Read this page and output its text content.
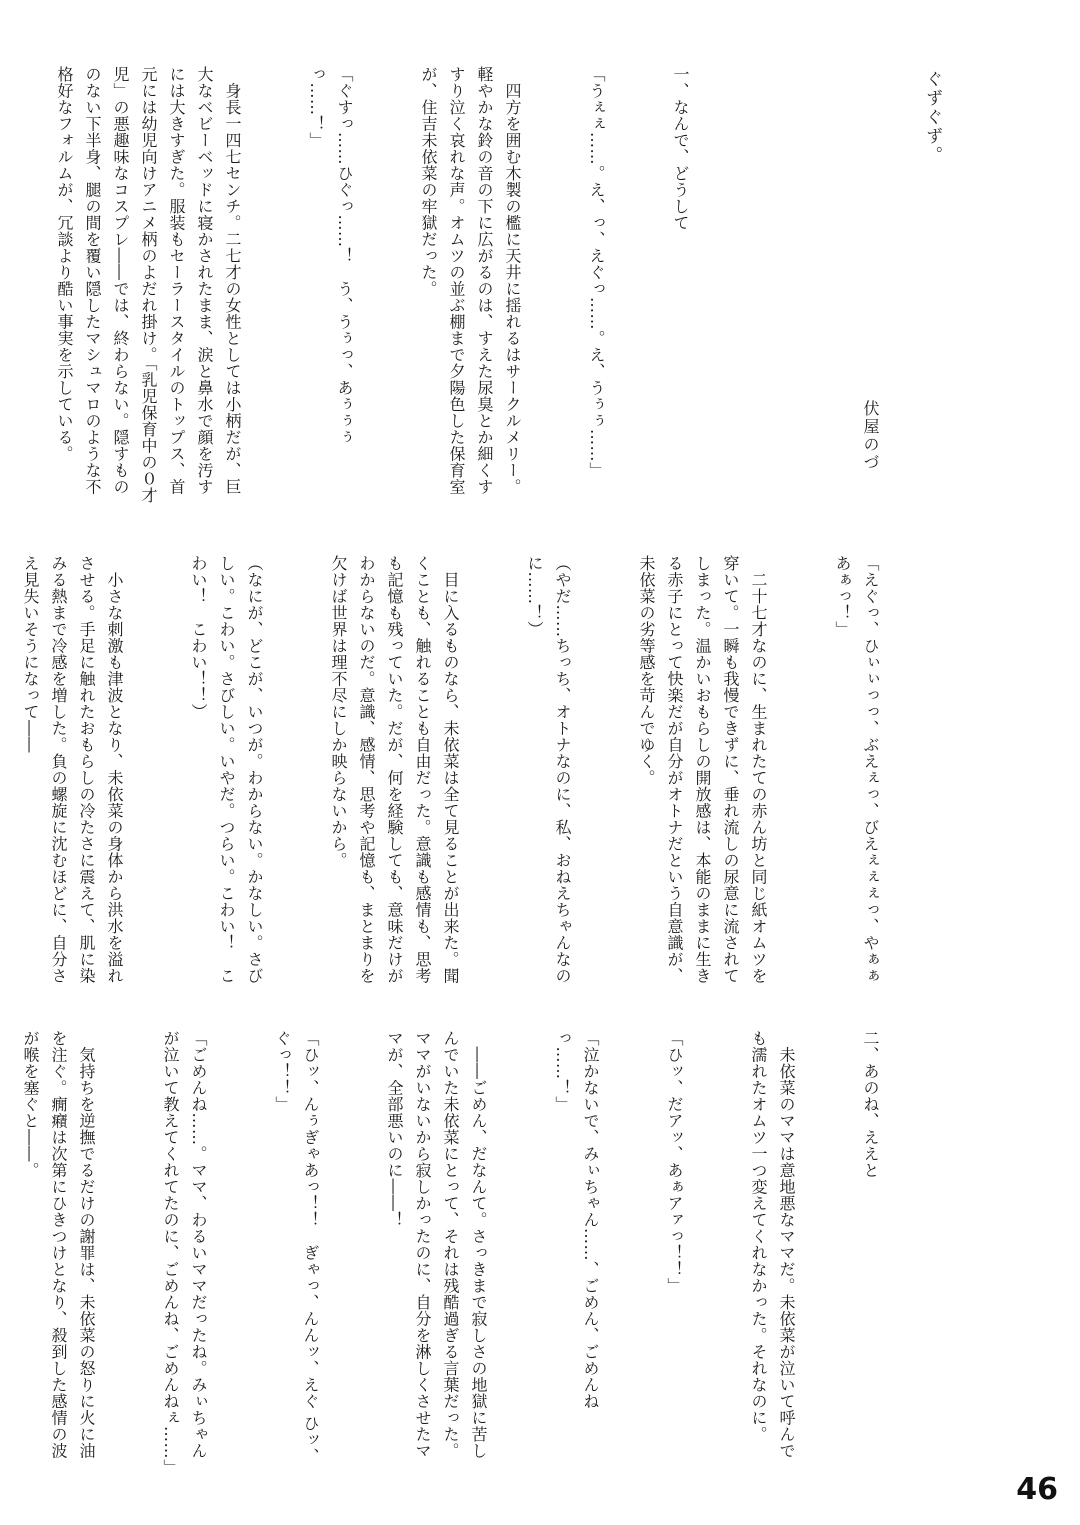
ぐずぐず。
伏屋のづ

一、なんで、どうして

「うぇぇ……。え、っ、えぐっ……。え、うぅぅ……」

　四方を囲む木製の檻に天井に揺れるはサークルメリー。軽やかな鈴の音の下に広がるのは、すえた尿臭とか細くすすり泣く哀れな声。オムツの並ぶ棚まで夕陽色した保育室が、住吉未依菜の牢獄だった。

「ぐすっ……ひぐっ……！　う、うぅっ、あぅぅぅっ……！」

　身長一四七センチ。二七才の女性としては小柄だが、巨大なベビーベッドに寝かされたまま、涙と鼻水で顔を汚すには大きすぎた。服装もセーラースタイルのトップス、首元には幼児向けアニメ柄のよだれ掛け。「乳児保育中の０才児」の悪趣味なコスプレ――では、終わらない。隠すもののない下半身、腿の間を覆い隠したマシュマロのような不格好なフォルムが、冗談より酷い事実を示している。

「えぐっ、ひぃぃっっ、ぶえぇっ、びえぇぇぇっ、やぁぁあぁっ！」

　二十七才なのに、生まれたての赤ん坊と同じ紙オムツを穿いて。一瞬も我慢できずに、垂れ流しの尿意に流されてしまった。温かいおもらしの開放感は、本能のままに生きる赤子にとって快楽だが自分がオトナだという自意識が、未依菜の劣等感を苛んでゆく。

（やだ……ちっち、オトナなのに、私、おねえちゃんなのに……！）

　目に入るものなら、未依菜は全て見ることが出来た。聞くことも、触れることも自由だった。意識も感情も、思考も記憶も残っていた。だが、何を経験しても、意味だけがわからないのだ。意識、感情、思考や記憶も、まとまりを欠けば世界は理不尽にしか映らないから。

（なにが、どこが、いつが。わからない。かなしい。さびしい。こわい。さびしい。いやだ。つらい。こわい！　こわい！　こわい！！）

　小さな刺激も津波となり、未依菜の身体から洪水を溢れさせる。手足に触れたおもらしの冷たさに震えて、肌に染みる熱まで冷感を増した。負の螺旋に沈むほどに、自分さえ見失いそうになって――

二、あのね、ええと

　未依菜のママは意地悪なママだ。未依菜が泣いて呼んでも濡れたオムツ一つ変えてくれなかった。それなのに。

「ひッ、だアッ、あぁアァっ！！」

「泣かないで、みぃちゃん……、ごめん、ごめんねっ……！」

　――ごめん、だなんて。さっきまで寂しさの地獄に苦しんでいた未依菜にとって、それは残酷過ぎる言葉だった。ママがいないから寂しかったのに、自分を淋しくさせたママが、全部悪いのに――！

「ひッ、んぅぎゃあっ！！　ぎゃっ、んんッ、えぐ ひッ、ぐっ！！」

「ごめんね……。ママ、わるいママだったね。みぃちゃんが泣いて教えてくれてたのに、ごめんね、ごめんねぇ……」

　気持ちを逆撫でるだけの謝罪は、未依菜の怒りに火に油を注ぐ。癇癪は次第にひきつけとなり、殺到した感情の波が喉を塞ぐと――。

46
